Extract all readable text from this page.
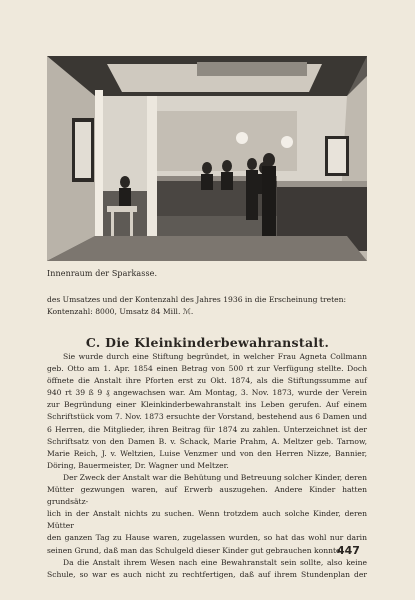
Innenraum der Sparkasse.
des Umsatzes und der Kontenzahl des Jahres 1936 in die Erscheinung treten:
Kontenzahl: 8000, Umsatz 84 Mill. ℳ.
C. Die Kleinkinderbewahranstalt.
Sie wurde durch eine Stiftung begründet, in welcher Frau Agneta Collmann
geb. Otto am 1. Apr. 1854 einen Betrag von 500 rt zur Verfügung stellte. Doch
öffnete die Anstalt ihre Pforten erst zu Okt. 1874, als die Stiftungssumme auf
940 rt 39 ß 9 ₰ angewachsen war. Am Montag, 3. Nov. 1873, wurde der Verein
zur Begründung einer Kleinkinderbewahranstalt ins Leben gerufen. Auf einem
Schriftstück vom 7. Nov. 1873 ersuchte der Vorstand, bestehend aus 6 Damen und
6 Herren, die Mitglieder, ihren Beitrag für 1874 zu zahlen. Unterzeichnet ist der
Schriftsatz von den Damen B. v. Schack, Marie Prahm, A. Meltzer geb. Tarnow,
Marie Reich, J. v. Weltzien, Luise Venzmer und von den Herren Nizze, Bannier,
Döring, Bauermeister, Dr. Wagner und Meltzer.
Der Zweck der Anstalt war die Behütung und Betreuung solcher Kinder, deren
Mütter gezwungen waren, auf Erwerb auszugehen. Andere Kinder hatten grundsätz-
lich in der Anstalt nichts zu suchen. Wenn trotzdem auch solche Kinder, deren Mütter
den ganzen Tag zu Hause waren, zugelassen wurden, so hat das wohl nur darin
seinen Grund, daß man das Schulgeld dieser Kinder gut gebrauchen konnte.
Da die Anstalt ihrem Wesen nach eine Bewahranstalt sein sollte, also keine
Schule, so war es auch nicht zu rechtfertigen, daß auf ihrem Stundenplan der
447
